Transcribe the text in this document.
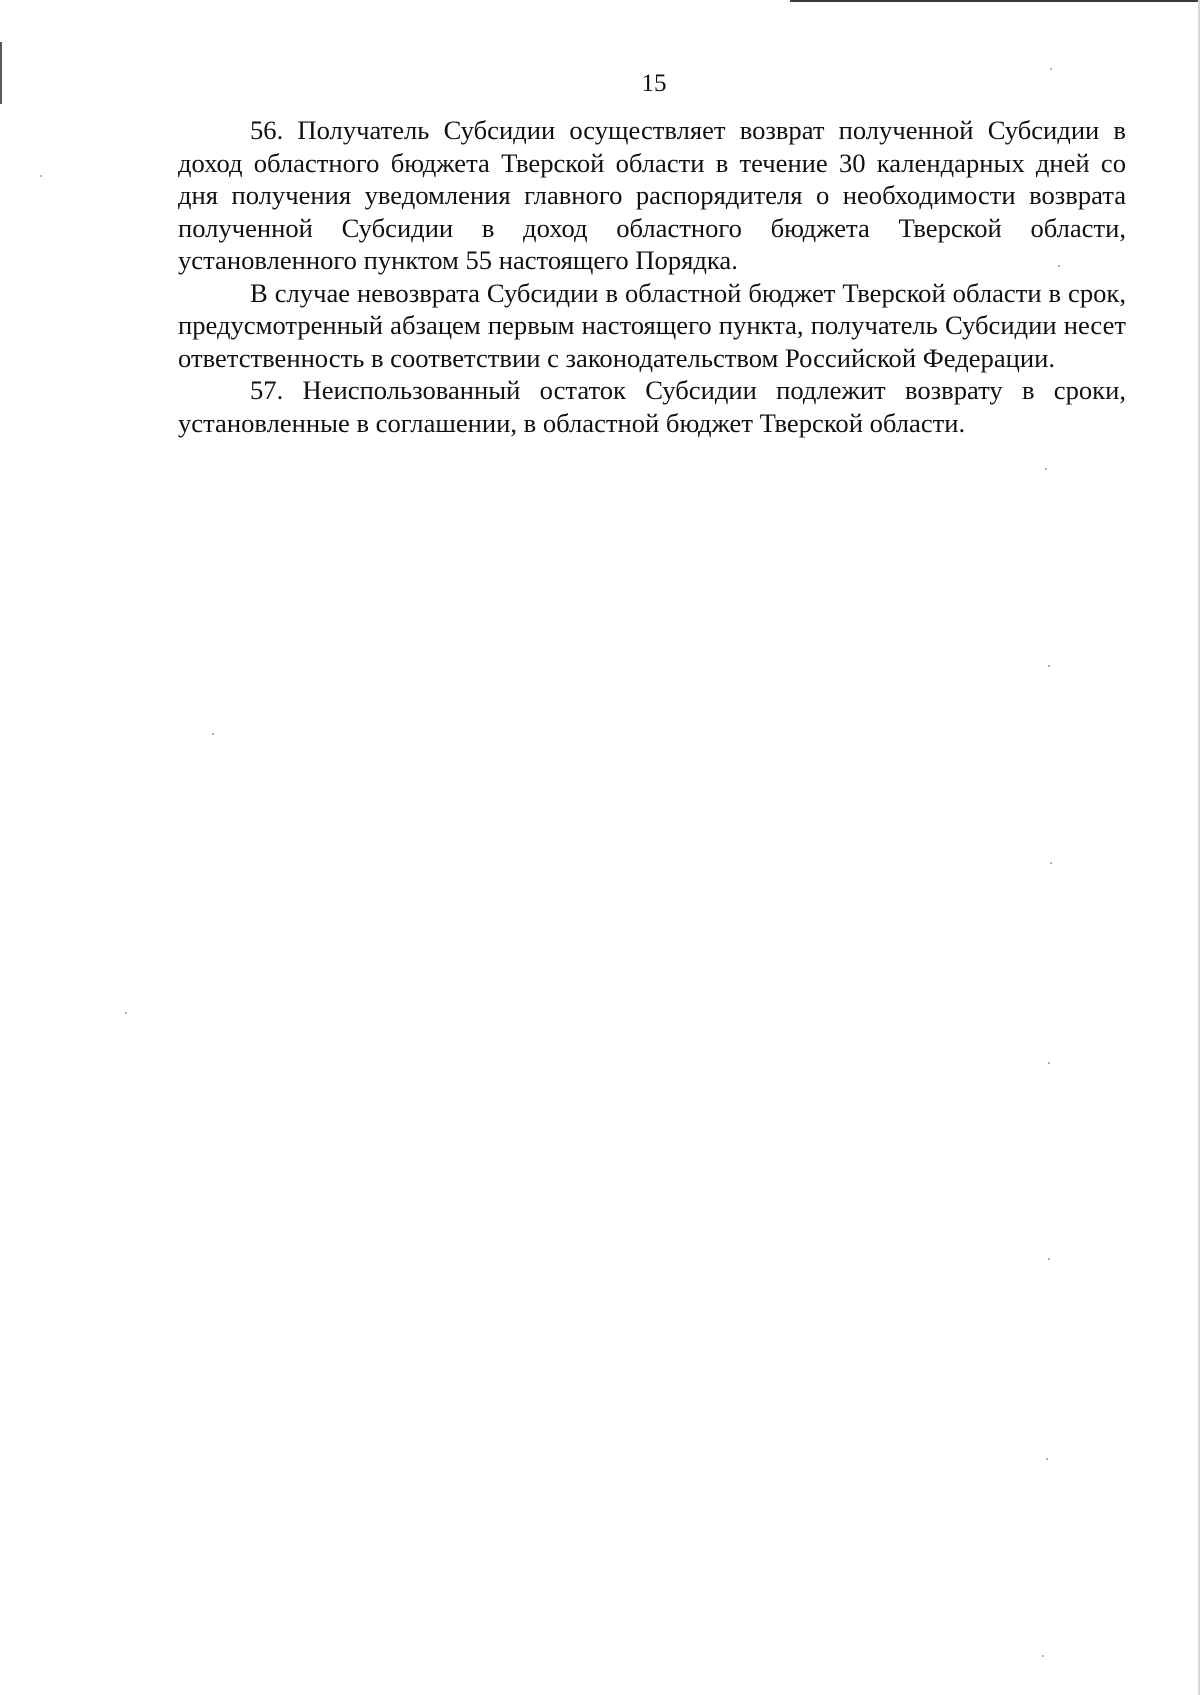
15

56. Получатель Субсидии осуществляет возврат полученной Субсидии в доход областного бюджета Тверской области в течение 30 календарных дней со дня получения уведомления главного распорядителя о необходимости возврата полученной Субсидии в доход областного бюджета Тверской области, установленного пунктом 55 настоящего Порядка.

В случае невозврата Субсидии в областной бюджет Тверской области в срок, предусмотренный абзацем первым настоящего пункта, получатель Субсидии несет ответственность в соответствии с законодательством Российской Федерации.

57. Неиспользованный остаток Субсидии подлежит возврату в сроки, установленные в соглашении, в областной бюджет Тверской области.
